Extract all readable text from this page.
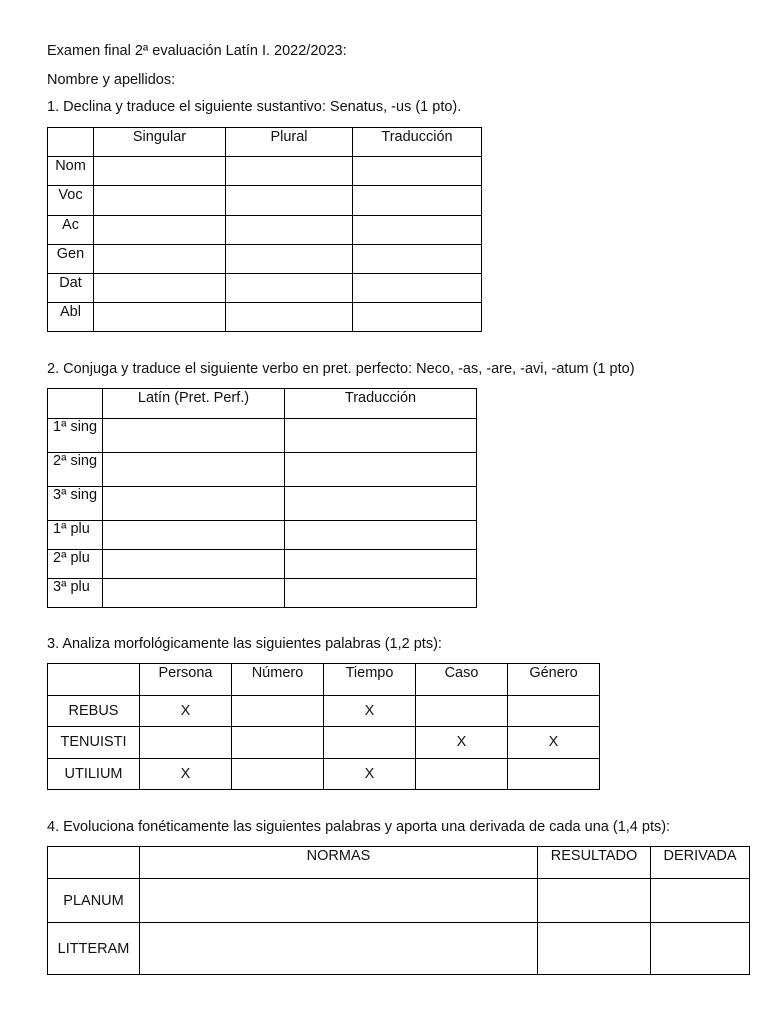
Examen final 2ª evaluación Latín I. 2022/2023:
Nombre y apellidos:
1. Declina y traduce el siguiente sustantivo: Senatus, -us (1 pto).
	Singular	Plural	Traducción
Nom			
Voc			
Ac			
Gen			
Dat			
Abl			
2. Conjuga y traduce el siguiente verbo en pret. perfecto: Neco, -as, -are, -avi, -atum (1 pto)
	Latín (Pret. Perf.)	Traducción
1ª sing		
2ª sing		
3ª sing		
1ª plu		
2ª plu		
3ª plu		
3. Analiza morfológicamente las siguientes palabras (1,2 pts):
	Persona	Número	Tiempo	Caso	Género
REBUS	X		X		
TENUISTI				X	X
UTILIUM	X		X		
4. Evoluciona fonéticamente las siguientes palabras y aporta una derivada de cada una (1,4 pts):
	NORMAS	RESULTADO	DERIVADA
PLANUM			
LITTERAM			
